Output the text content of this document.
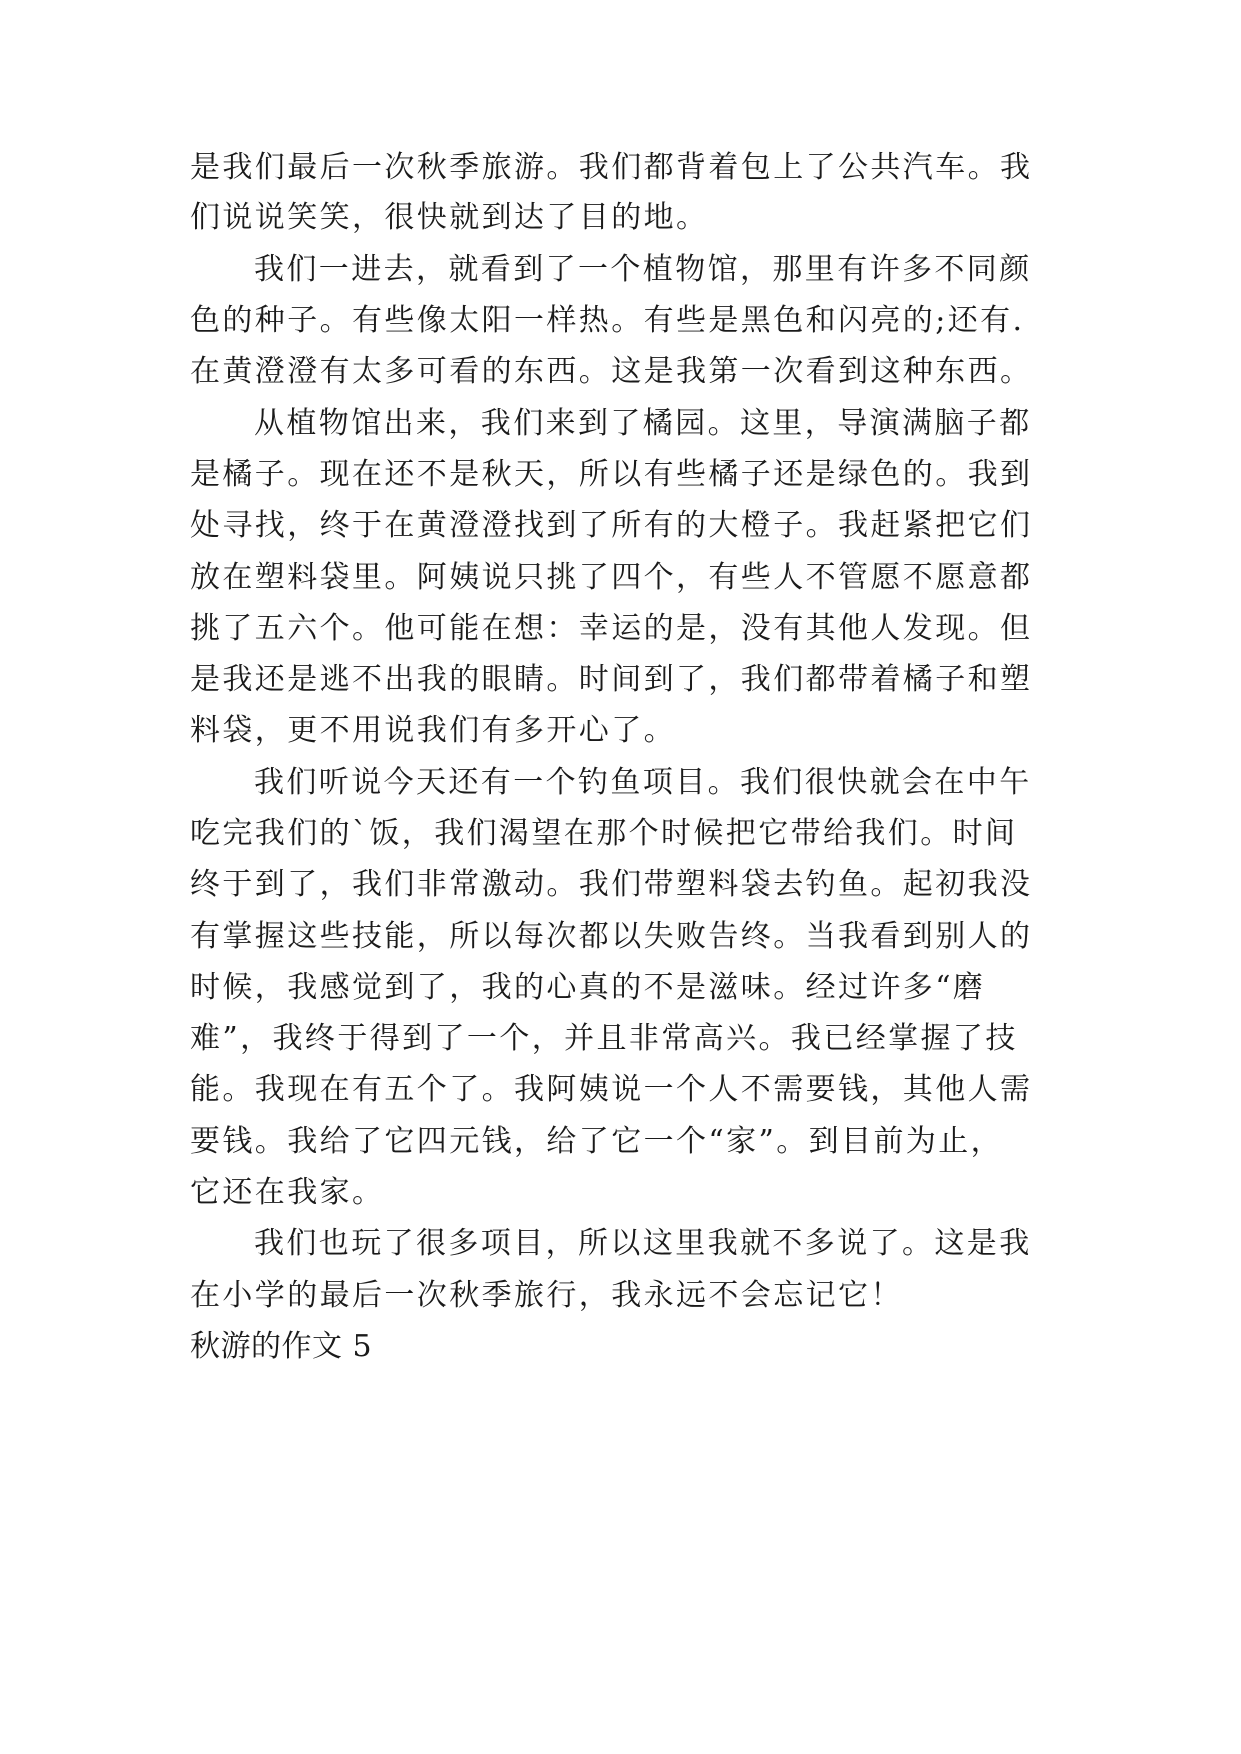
是我们最后一次秋季旅游。我们都背着包上了公共汽车。我
们说说笑笑，很快就到达了目的地。
我们一进去，就看到了一个植物馆，那里有许多不同颜
色的种子。有些像太阳一样热。有些是黑色和闪亮的;还有.
在黄澄澄有太多可看的东西。这是我第一次看到这种东西。
从植物馆出来，我们来到了橘园。这里，导演满脑子都
是橘子。现在还不是秋天，所以有些橘子还是绿色的。我到
处寻找，终于在黄澄澄找到了所有的大橙子。我赶紧把它们
放在塑料袋里。阿姨说只挑了四个，有些人不管愿不愿意都
挑了五六个。他可能在想：幸运的是，没有其他人发现。但
是我还是逃不出我的眼睛。时间到了，我们都带着橘子和塑
料袋，更不用说我们有多开心了。
我们听说今天还有一个钓鱼项目。我们很快就会在中午
吃完我们的`饭，我们渴望在那个时候把它带给我们。时间
终于到了，我们非常激动。我们带塑料袋去钓鱼。起初我没
有掌握这些技能，所以每次都以失败告终。当我看到别人的
时候，我感觉到了，我的心真的不是滋味。经过许多“磨
难”，我终于得到了一个，并且非常高兴。我已经掌握了技
能。我现在有五个了。我阿姨说一个人不需要钱，其他人需
要钱。我给了它四元钱，给了它一个“家”。到目前为止，
它还在我家。
我们也玩了很多项目，所以这里我就不多说了。这是我
在小学的最后一次秋季旅行，我永远不会忘记它！
秋游的作文 5
